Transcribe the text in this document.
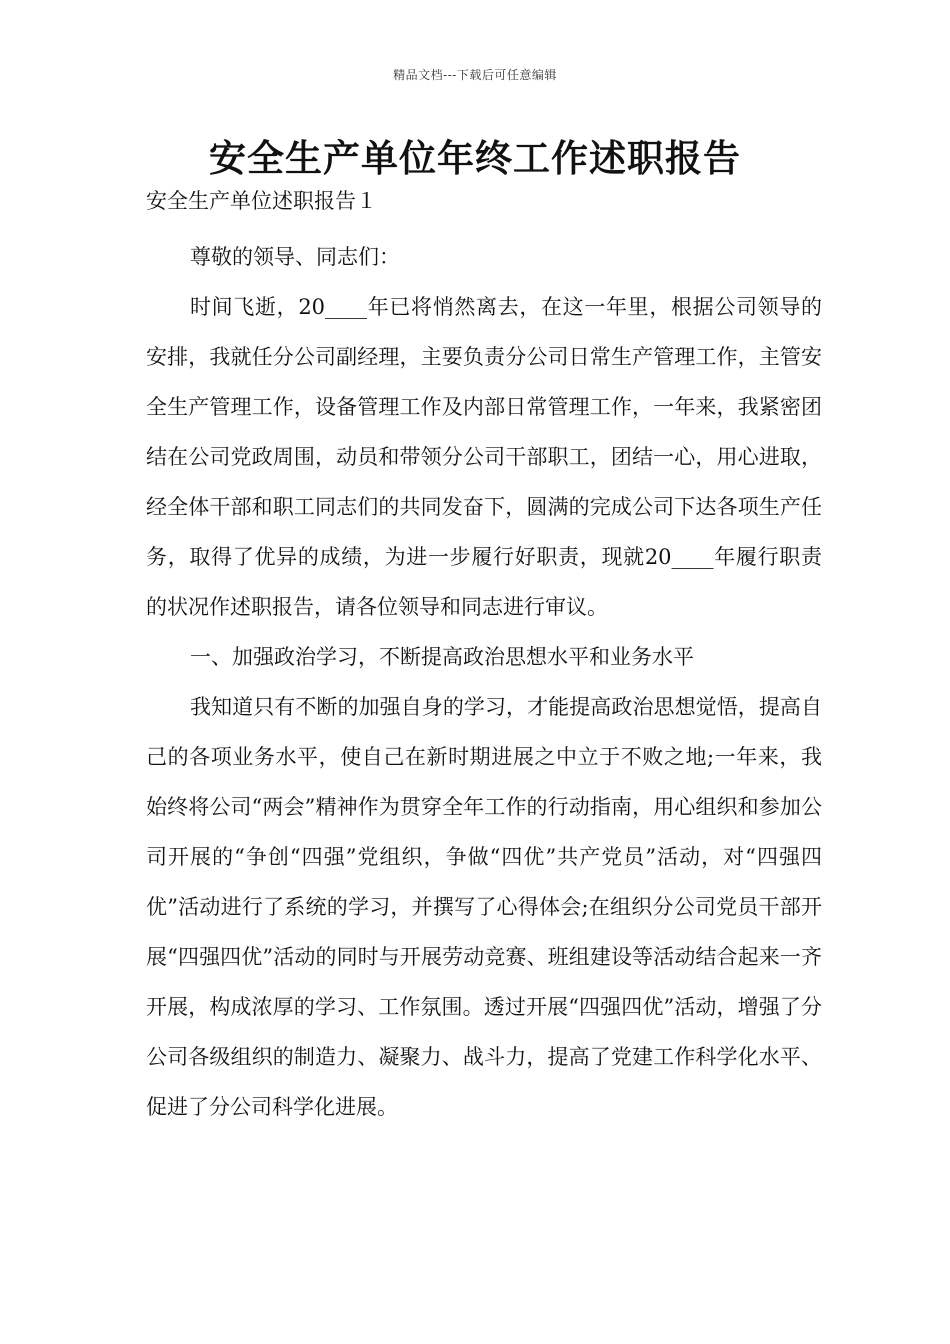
精品文档---下载后可任意编辑
安全生产单位年终工作述职报告
安全生产单位述职报告１

尊敬的领导、同志们：

时间飞逝，20____年已将悄然离去，在这一年里，根据公司领导的安排，我就任分公司副经理，主要负责分公司日常生产管理工作，主管安全生产管理工作，设备管理工作及内部日常管理工作，一年来，我紧密团结在公司党政周围，动员和带领分公司干部职工，团结一心，用心进取，经全体干部和职工同志们的共同发奋下，圆满的完成公司下达各项生产任务，取得了优异的成绩，为进一步履行好职责，现就20____年履行职责的状况作述职报告，请各位领导和同志进行审议。

一、加强政治学习，不断提高政治思想水平和业务水平

我知道只有不断的加强自身的学习，才能提高政治思想觉悟，提高自己的各项业务水平，使自己在新时期进展之中立于不败之地;一年来，我始终将公司“两会”精神作为贯穿全年工作的行动指南，用心组织和参加公司开展的“争创“四强”党组织，争做“四优”共产党员”活动，对“四强四优”活动进行了系统的学习，并撰写了心得体会;在组织分公司党员干部开展“四强四优”活动的同时与开展劳动竞赛、班组建设等活动结合起来一齐开展，构成浓厚的学习、工作氛围。透过开展“四强四优”活动，增强了分公司各级组织的制造力、凝聚力、战斗力，提高了党建工作科学化水平、促进了分公司科学化进展。
